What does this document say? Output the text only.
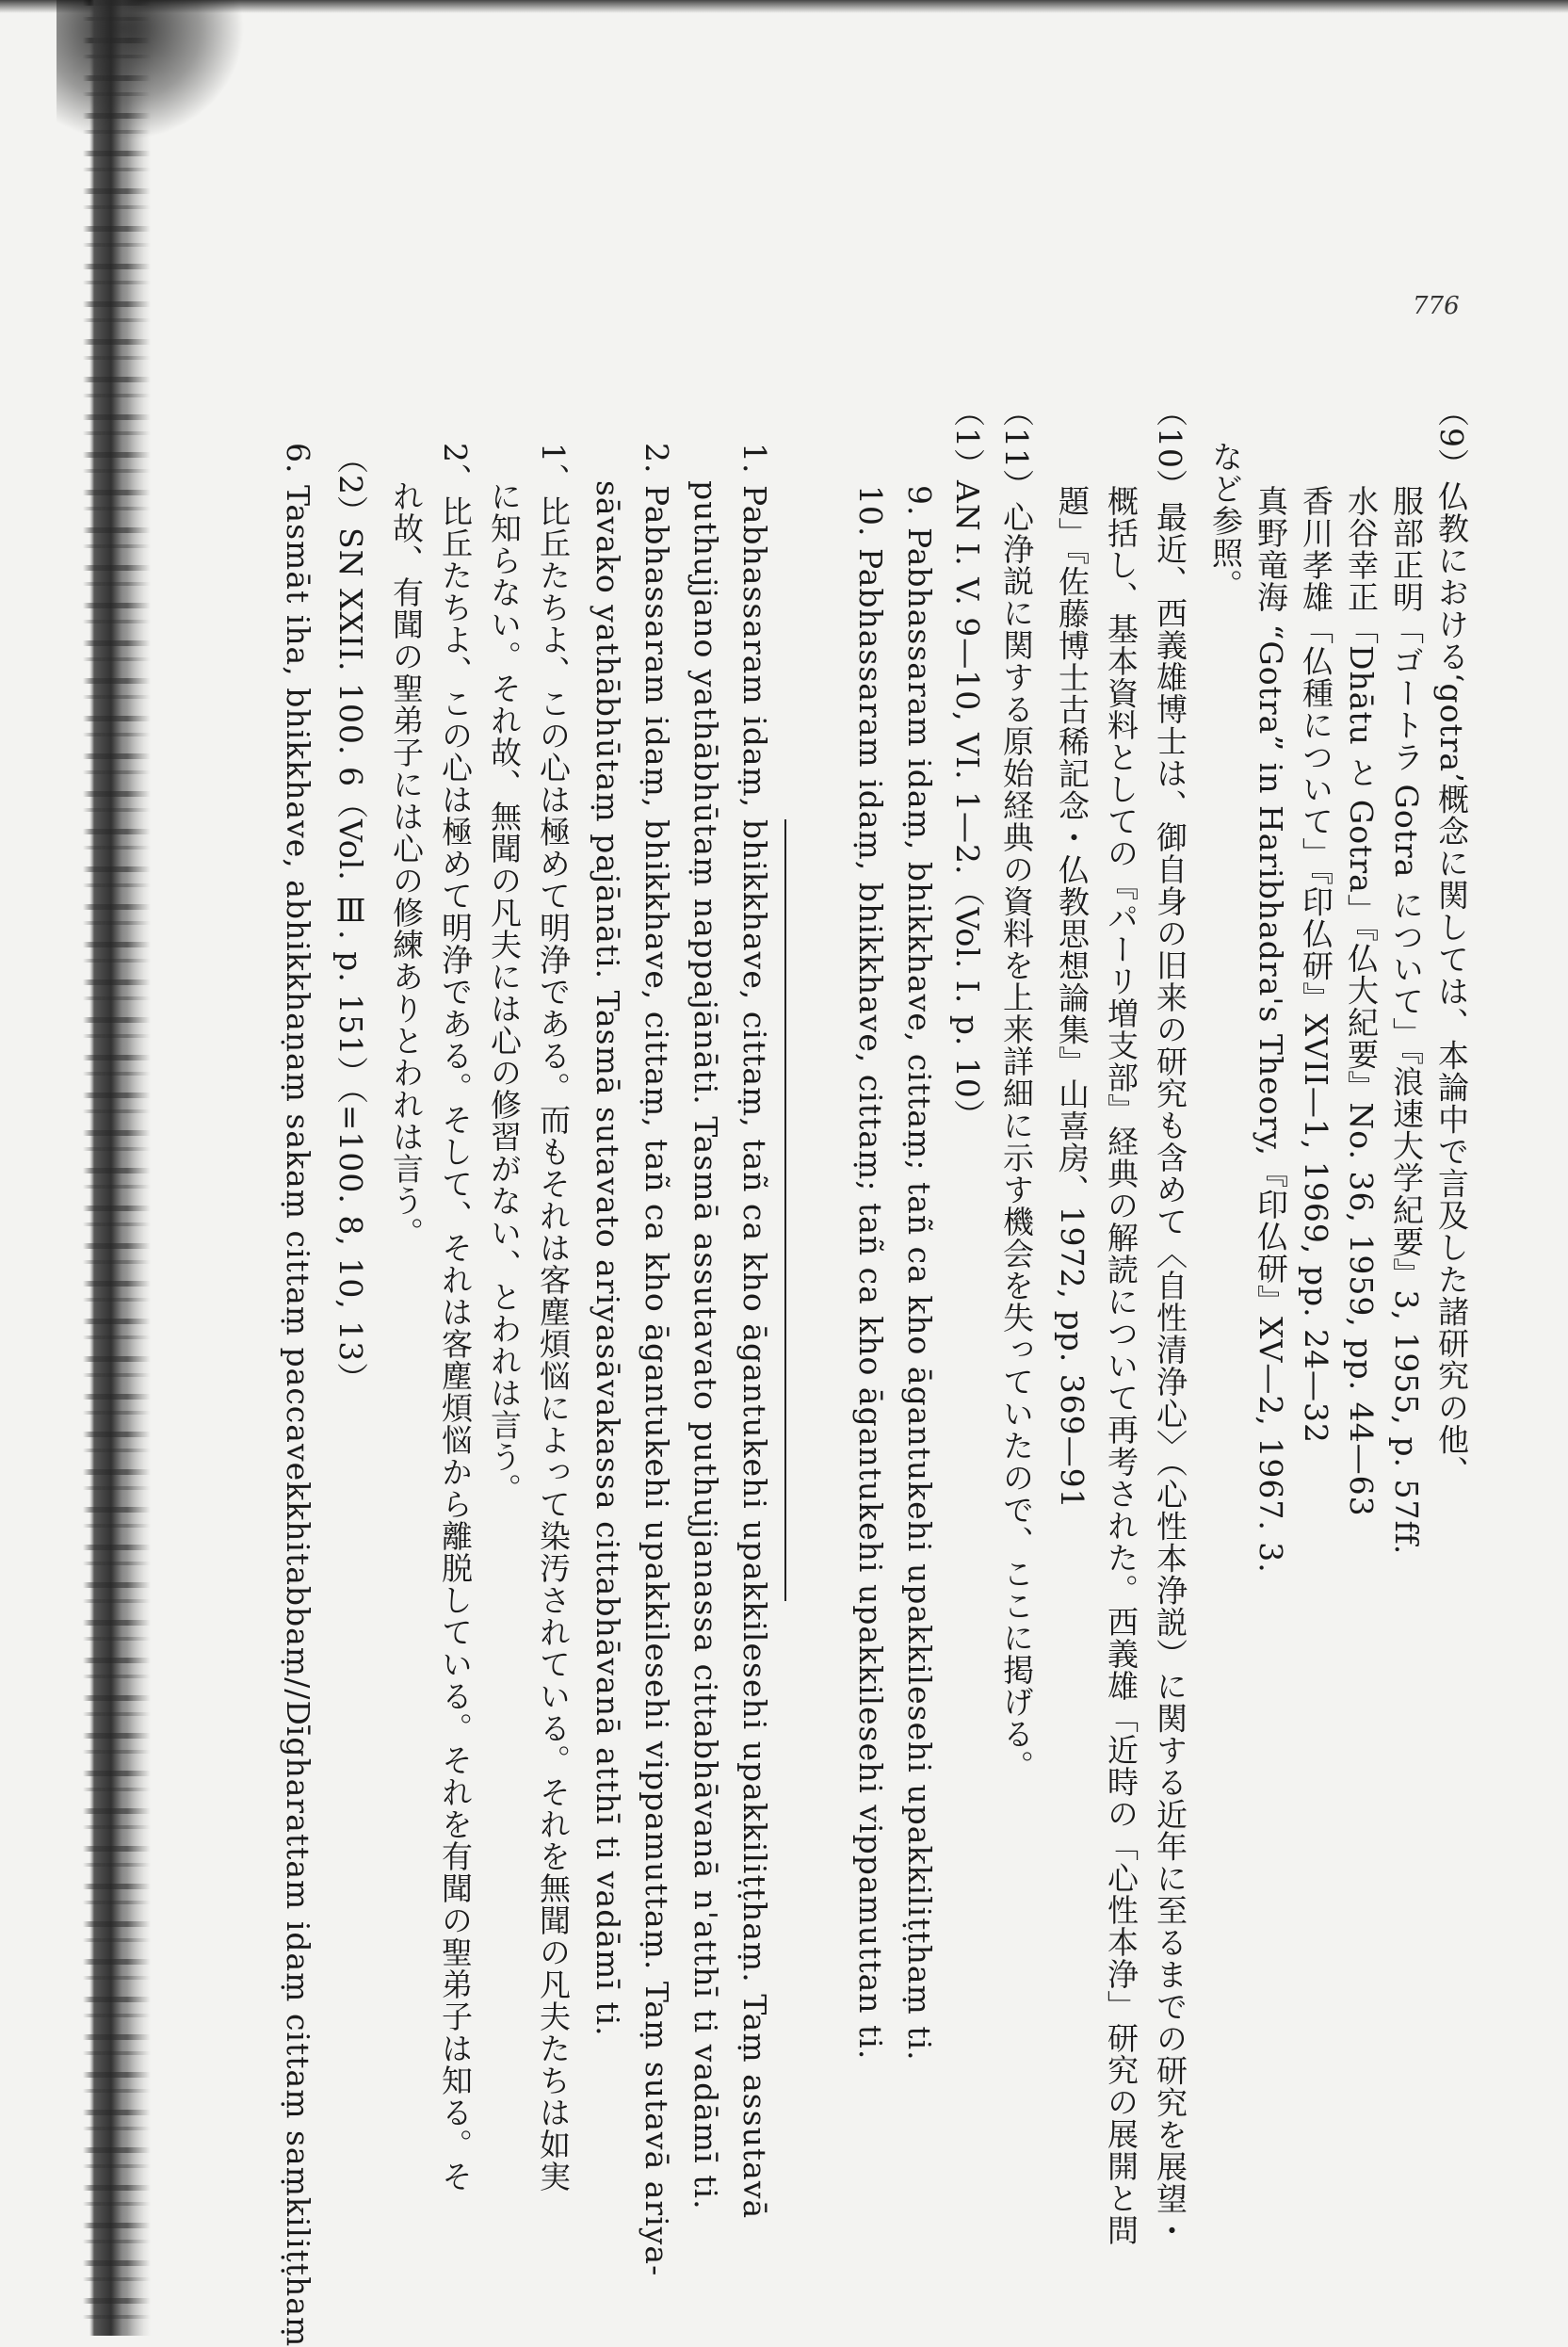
776
（9）仏教における‘gotra’概念に関しては、本論中で言及した諸研究の他、
服部正明「ゴートラ Gotra について」『浪速大学紀要』3, 1955, p. 57ff.
水谷幸正「Dhātu と Gotra」『仏大紀要』No. 36, 1959, pp. 44—63
香川孝雄「仏種について」『印仏研』XVII—1, 1969, pp. 24—32
真野竜海 “Gotra” in Haribhadra's Theory,『印仏研』XV—2, 1967. 3.
など参照。
（10）最近、西義雄博士は、御自身の旧来の研究も含めて〈自性清浄心〉（心性本浄説）に関する近年に至るまでの研究を展望・
概括し、基本資料としての『パーリ増支部』経典の解読について再考された。西義雄「近時の「心性本浄」研究の展開と問
題」『佐藤博士古稀記念・仏教思想論集』山喜房、1972, pp. 369—91
（11）心浄説に関する原始経典の資料を上来詳細に示す機会を失っていたので、ここに掲げる。
（1）AN I. V. 9—10, VI. 1—2.（Vol. I. p. 10）
9. Pabhassaram idaṃ, bhikkhave, cittaṃ; tañ ca kho āgantukehi upakkilesehi upakkiliṭṭhaṃ ti.
10. Pabhassaram idaṃ, bhikkhave, cittaṃ; tañ ca kho āgantukehi upakkilesehi vippamuttan ti.
1. Pabhassaram idaṃ, bhikkhave, cittaṃ, tañ ca kho āgantukehi upakkilesehi upakkiliṭṭhaṃ. Taṃ assutavā
puthujjano yathābhūtaṃ nappajānāti. Tasmā assutavato puthujjanassa cittabhāvanā n'atthī ti vadāmī ti.
2. Pabhassaram idaṃ, bhikkhave, cittaṃ, tañ ca kho āgantukehi upakkilesehi vippamuttaṃ. Taṃ sutavā ariya-
sāvako yathābhūtaṃ pajānāti. Tasmā sutavato ariyasāvakassa cittabhāvanā atthī ti vadāmī ti.
1、比丘たちよ、この心は極めて明浄である。而もそれは客塵煩悩によって染汚されている。それを無聞の凡夫たちは如実
に知らない。それ故、無聞の凡夫には心の修習がない、とわれは言う。
2、比丘たちよ、この心は極めて明浄である。そして、それは客塵煩悩から離脱している。それを有聞の聖弟子は知る。そ
れ故、有聞の聖弟子には心の修練ありとわれは言う。
（2）SN XXII. 100. 6（Vol. Ⅲ. p. 151）（=100. 8, 10, 13）
6. Tasmāt iha, bhikkhave, abhikkhaṇaṃ sakaṃ cittaṃ paccavekkhitabbaṃ//Dīgharattam idaṃ cittaṃ saṃkiliṭṭhaṃ
